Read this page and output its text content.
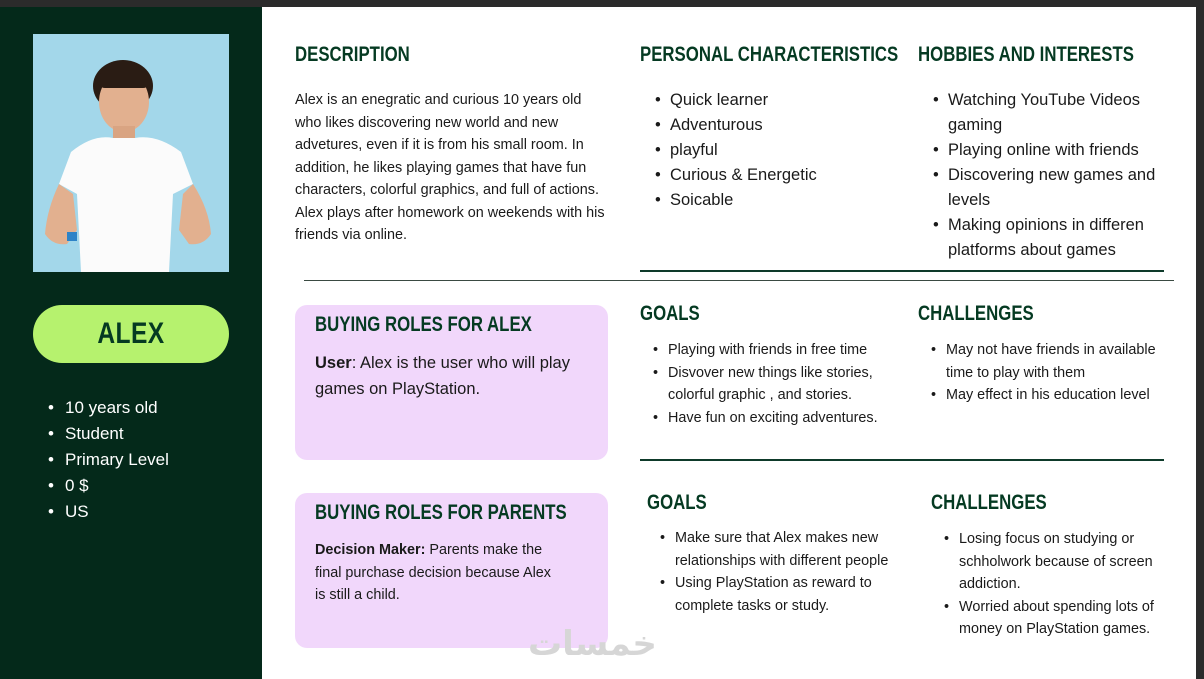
ALEX
• 10 years old
• Student
• Primary Level
• 0 $
• US
DESCRIPTION
Alex is an enegratic and curious 10 years old who likes discovering new world and new advetures, even if it is from his small room. In addition, he likes playing games that have fun characters, colorful graphics, and full of actions. Alex plays after homework on weekends with his friends via online.
PERSONAL CHARACTERISTICS
• Quick learner
• Adventurous
• playful
• Curious & Energetic
• Soicable
HOBBIES AND INTERESTS
• Watching YouTube Videos gaming
• Playing online with friends
• Discovering new games and levels
• Making opinions in differen platforms about games
BUYING ROLES FOR ALEX
User: Alex is the user who will play games on PlayStation.
GOALS
• Playing with friends in free time
• Disvover new things like stories, colorful graphic , and stories.
• Have fun on exciting adventures.
CHALLENGES
• May not have friends in available time to play with them
• May effect in his education level
BUYING ROLES FOR PARENTS
Decision Maker: Parents make the final purchase decision because Alex is still a child.
GOALS
• Make sure that Alex makes new relationships with different people
• Using PlayStation as reward to complete tasks or study.
CHALLENGES
• Losing focus on studying or schholwork because of screen addiction.
• Worried about spending lots of money on PlayStation games.
خمسات
